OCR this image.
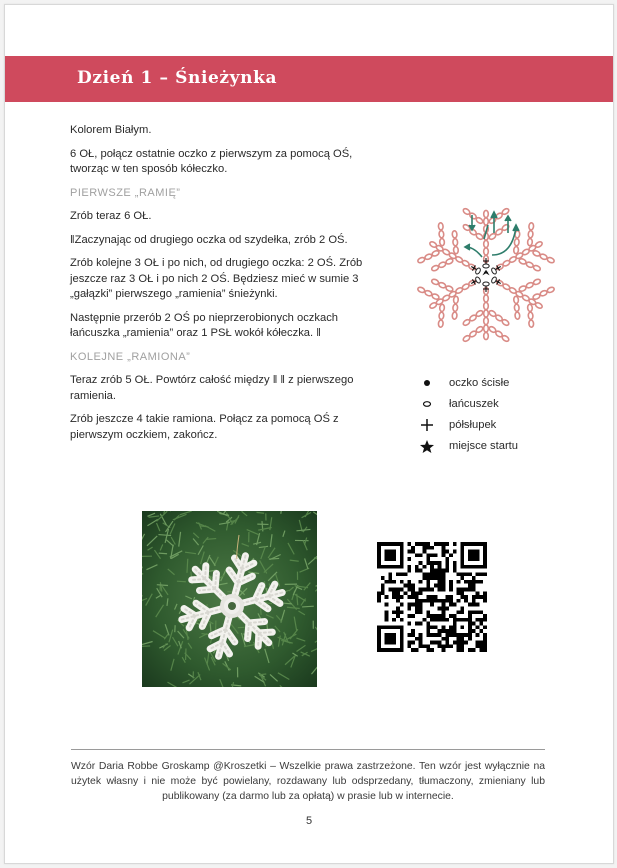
Dzień 1 – Śnieżynka

Kolorem Białym.

6 OŁ, połącz ostatnie oczko z pierwszym za pomocą OŚ, tworząc w ten sposób kółeczko.

PIERWSZE „RAMIĘ”

Zrób teraz 6 OŁ.

‖Zaczynając od drugiego oczka od szydełka, zrób 2 OŚ.

Zrób kolejne 3 OŁ i po nich, od drugiego oczka: 2 OŚ. Zrób jeszcze raz 3 OŁ i po nich 2 OŚ. Będziesz mieć w sumie 3 „gałązki” pierwszego „ramienia” śnieżynki.

Następnie przerób 2 OŚ po nieprzerobionych oczkach łańcuszka „ramienia” oraz 1 PSŁ wokół kółeczka. ‖

KOLEJNE „RAMIONA”

Teraz zrób 5 OŁ. Powtórz całość między ‖ ‖ z pierwszego ramienia.

Zrób jeszcze 4 takie ramiona. Połącz za pomocą OŚ z pierwszym oczkiem, zakończ.

oczko ścisłe
łańcuszek
półsłupek
miejsce startu
Wzór Daria Robbe Groskamp @Kroszetki – Wszelkie prawa zastrzeżone. Ten wzór jest wyłącznie na użytek własny i nie może być powielany, rozdawany lub odsprzedany, tłumaczony, zmieniany lub publikowany (za darmo lub za opłatą) w prasie lub w internecie.
5
